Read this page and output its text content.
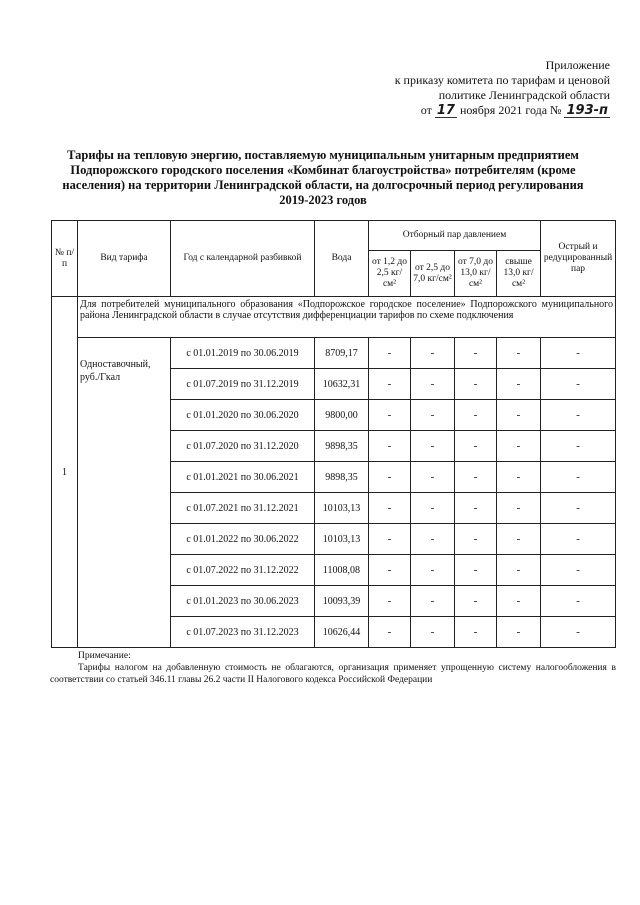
Приложение
к приказу комитета по тарифам и ценовой
политике Ленинградской области
от 17 ноября 2021 года № 193-п
Тарифы на тепловую энергию, поставляемую муниципальным унитарным предприятием Подпорожского городского поселения «Комбинат благоустройства» потребителям (кроме населения) на территории Ленинградской области, на долгосрочный период регулирования 2019-2023 годов
№ п/п	Вид тарифа	Год с календарной разбивкой	Вода	Отборный пар давлением				Острый и редуцированный пар
				от 1,2 до 2,5 кг/см²	от 2,5 до 7,0 кг/см²	от 7,0 до 13,0 кг/см²	свыше 13,0 кг/см²	
1	Для потребителей муниципального образования «Подпорожское городское поселение» Подпорожского муниципального района Ленинградской области в случае отсутствия дифференциации тарифов по схеме подключения							
	Одноставочный, руб./Гкал	с 01.01.2019 по 30.06.2019	8709,17	-	-	-	-	-
		с 01.07.2019 по 31.12.2019	10632,31	-	-	-	-	-
		с 01.01.2020 по 30.06.2020	9800,00	-	-	-	-	-
		с 01.07.2020 по 31.12.2020	9898,35	-	-	-	-	-
		с 01.01.2021 по 30.06.2021	9898,35	-	-	-	-	-
		с 01.07.2021 по 31.12.2021	10103,13	-	-	-	-	-
		с 01.01.2022 по 30.06.2022	10103,13	-	-	-	-	-
		с 01.07.2022 по 31.12.2022	11008,08	-	-	-	-	-
		с 01.01.2023 по 30.06.2023	10093,39	-	-	-	-	-
		с 01.07.2023 по 31.12.2023	10626,44	-	-	-	-	-
Примечание:
Тарифы налогом на добавленную стоимость не облагаются, организация применяет упрощенную систему налогообложения в соответствии со статьей 346.11 главы 26.2 части II Налогового кодекса Российской Федерации
